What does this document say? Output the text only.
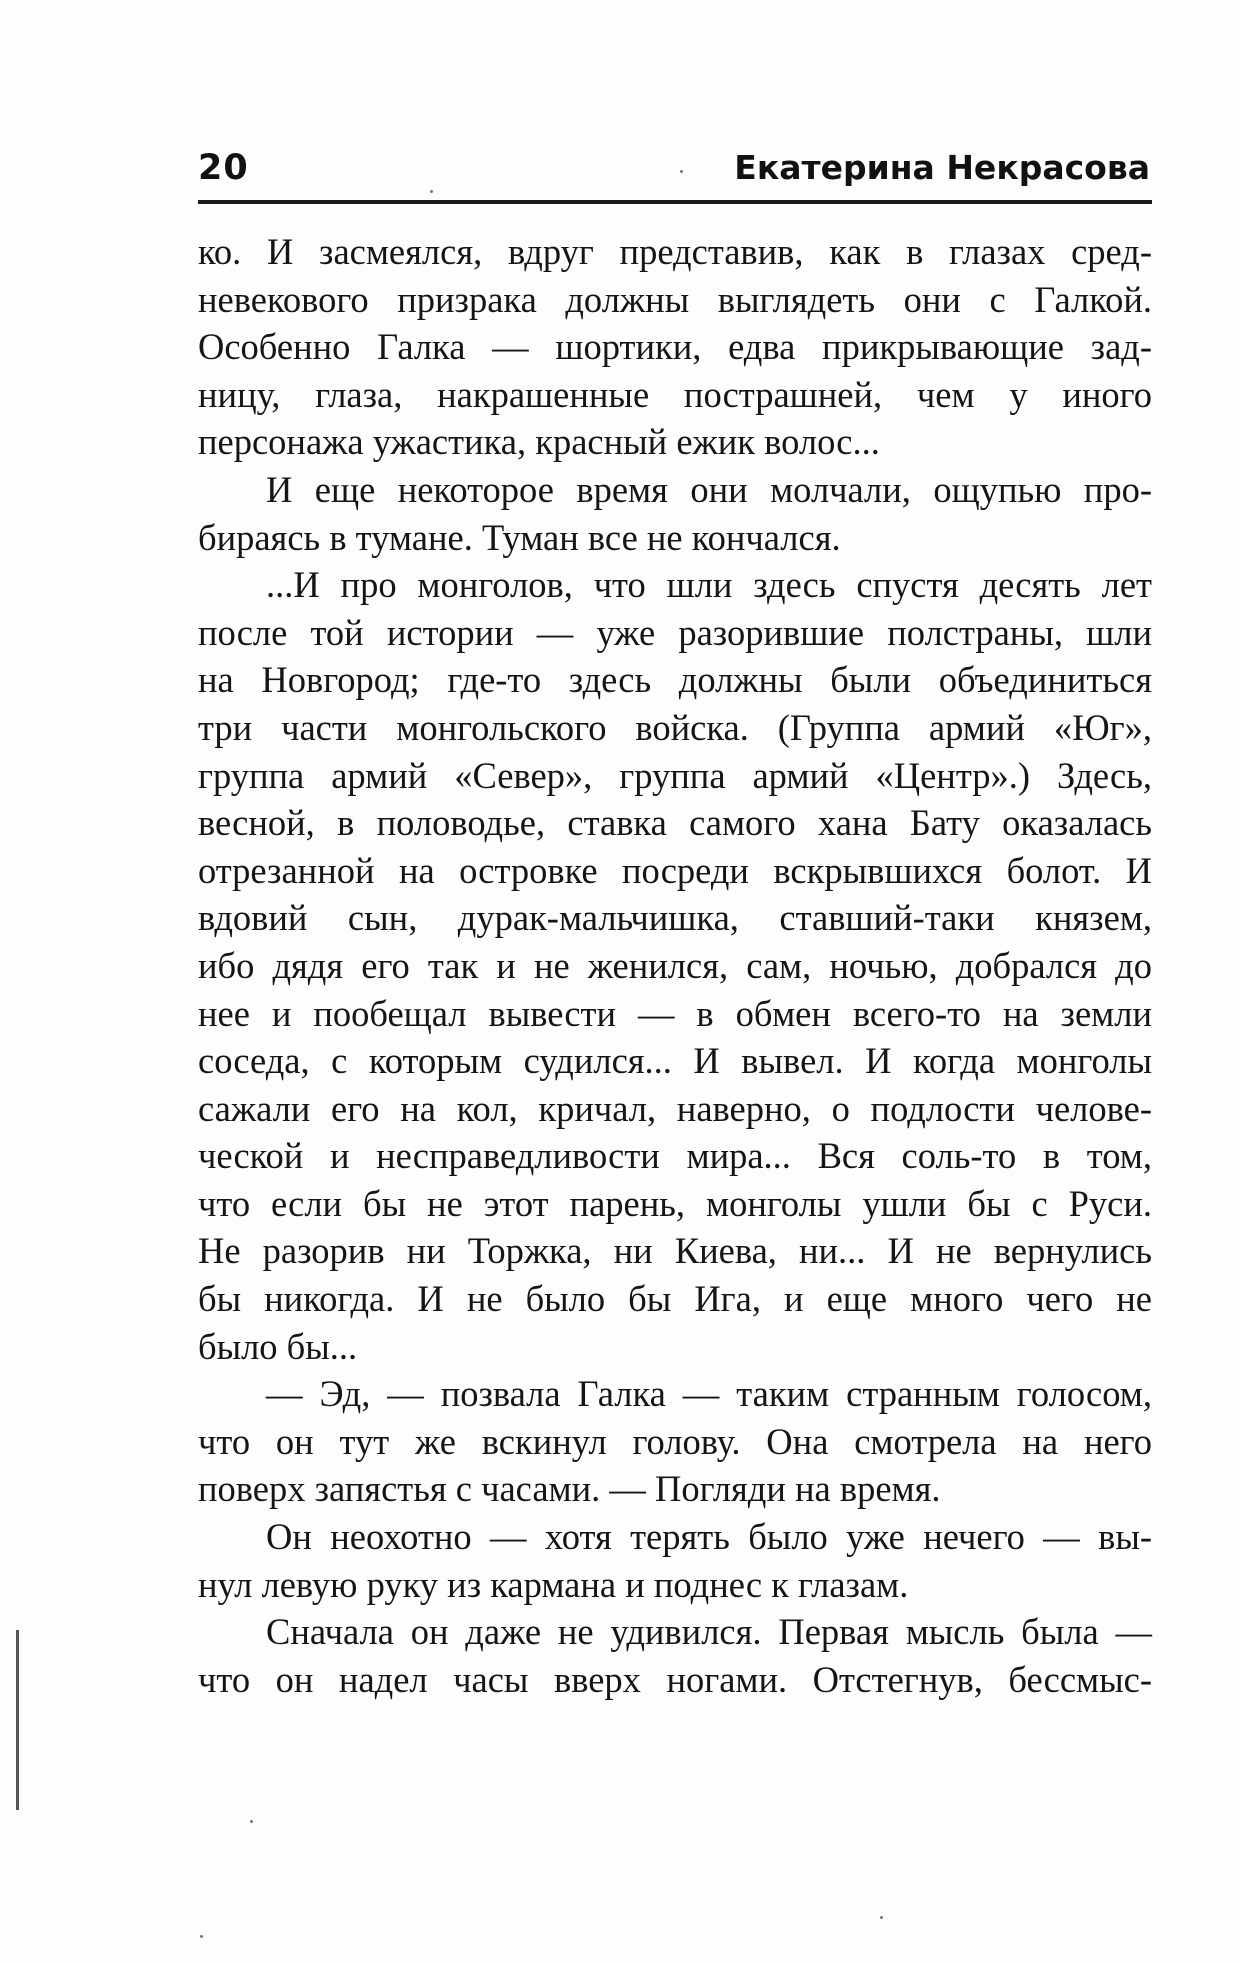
20	Екатерина Некрасова
ко. И засмеялся, вдруг представив, как в глазах сред-
невекового призрака должны выглядеть они с Галкой.
Особенно Галка — шортики, едва прикрывающие зад-
ницу, глаза, накрашенные пострашней, чем у иного
персонажа ужастика, красный ежик волос...
И еще некоторое время они молчали, ощупью про-
бираясь в тумане. Туман все не кончался.
...И про монголов, что шли здесь спустя десять лет
после той истории — уже разорившие полстраны, шли
на Новгород; где-то здесь должны были объединиться
три части монгольского войска. (Группа армий «Юг»,
группа армий «Север», группа армий «Центр».) Здесь,
весной, в половодье, ставка самого хана Бату оказалась
отрезанной на островке посреди вскрывшихся болот. И
вдовий сын, дурак-мальчишка, ставший-таки князем,
ибо дядя его так и не женился, сам, ночью, добрался до
нее и пообещал вывести — в обмен всего-то на земли
соседа, с которым судился... И вывел. И когда монголы
сажали его на кол, кричал, наверно, о подлости челове-
ческой и несправедливости мира... Вся соль-то в том,
что если бы не этот парень, монголы ушли бы с Руси.
Не разорив ни Торжка, ни Киева, ни... И не вернулись
бы никогда. И не было бы Ига, и еще много чего не
было бы...
— Эд, — позвала Галка — таким странным голосом,
что он тут же вскинул голову. Она смотрела на него
поверх запястья с часами. — Погляди на время.
Он неохотно — хотя терять было уже нечего — вы-
нул левую руку из кармана и поднес к глазам.
Сначала он даже не удивился. Первая мысль была —
что он надел часы вверх ногами. Отстегнув, бессмыс-
